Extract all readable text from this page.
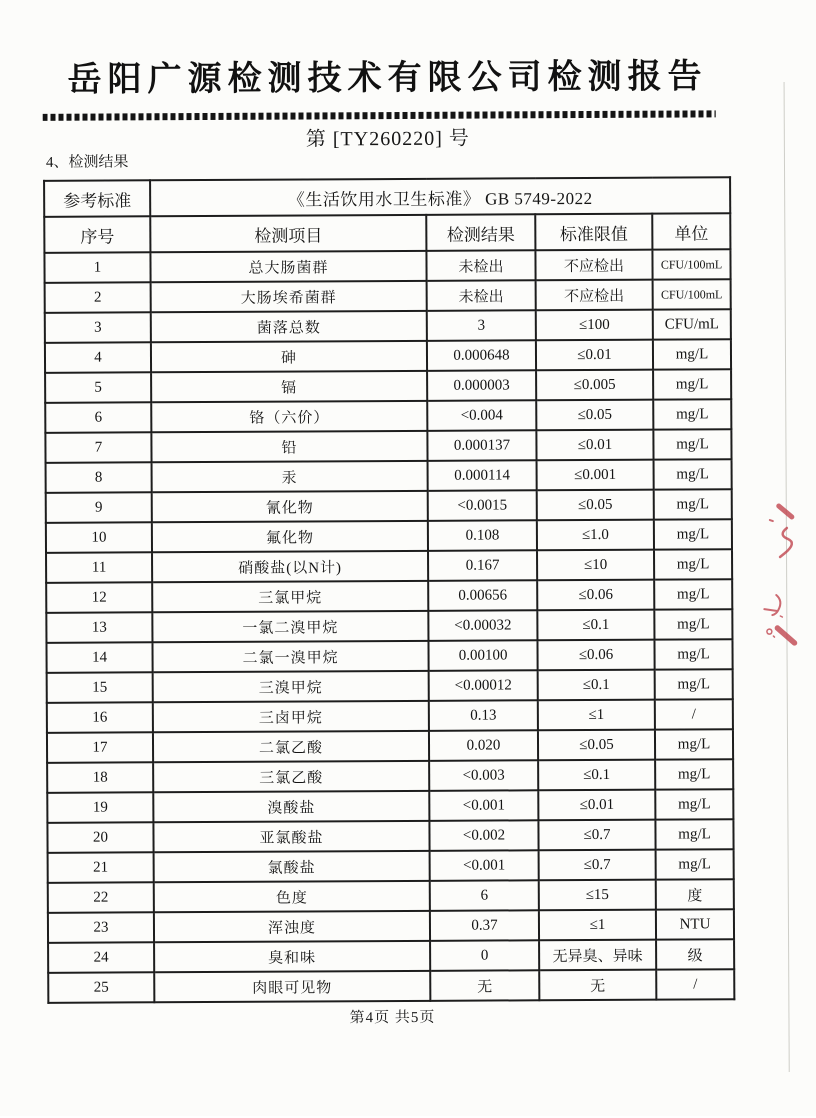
岳阳广源检测技术有限公司检测报告
第 [TY260220] 号
4、检测结果
参考标准	《生活饮用水卫生标准》 GB 5749-2022			
序号	检测项目	检测结果	标准限值	单位
1	总大肠菌群	未检出	不应检出	CFU/100mL
2	大肠埃希菌群	未检出	不应检出	CFU/100mL
3	菌落总数	3	≤100	CFU/mL
4	砷	0.000648	≤0.01	mg/L
5	镉	0.000003	≤0.005	mg/L
6	铬（六价）	<0.004	≤0.05	mg/L
7	铅	0.000137	≤0.01	mg/L
8	汞	0.000114	≤0.001	mg/L
9	氰化物	<0.0015	≤0.05	mg/L
10	氟化物	0.108	≤1.0	mg/L
11	硝酸盐(以N计)	0.167	≤10	mg/L
12	三氯甲烷	0.00656	≤0.06	mg/L
13	一氯二溴甲烷	<0.00032	≤0.1	mg/L
14	二氯一溴甲烷	0.00100	≤0.06	mg/L
15	三溴甲烷	<0.00012	≤0.1	mg/L
16	三卤甲烷	0.13	≤1	/
17	二氯乙酸	0.020	≤0.05	mg/L
18	三氯乙酸	<0.003	≤0.1	mg/L
19	溴酸盐	<0.001	≤0.01	mg/L
20	亚氯酸盐	<0.002	≤0.7	mg/L
21	氯酸盐	<0.001	≤0.7	mg/L
22	色度	6	≤15	度
23	浑浊度	0.37	≤1	NTU
24	臭和味	0	无异臭、异味	级
25	肉眼可见物	无	无	/
第4页 共5页
